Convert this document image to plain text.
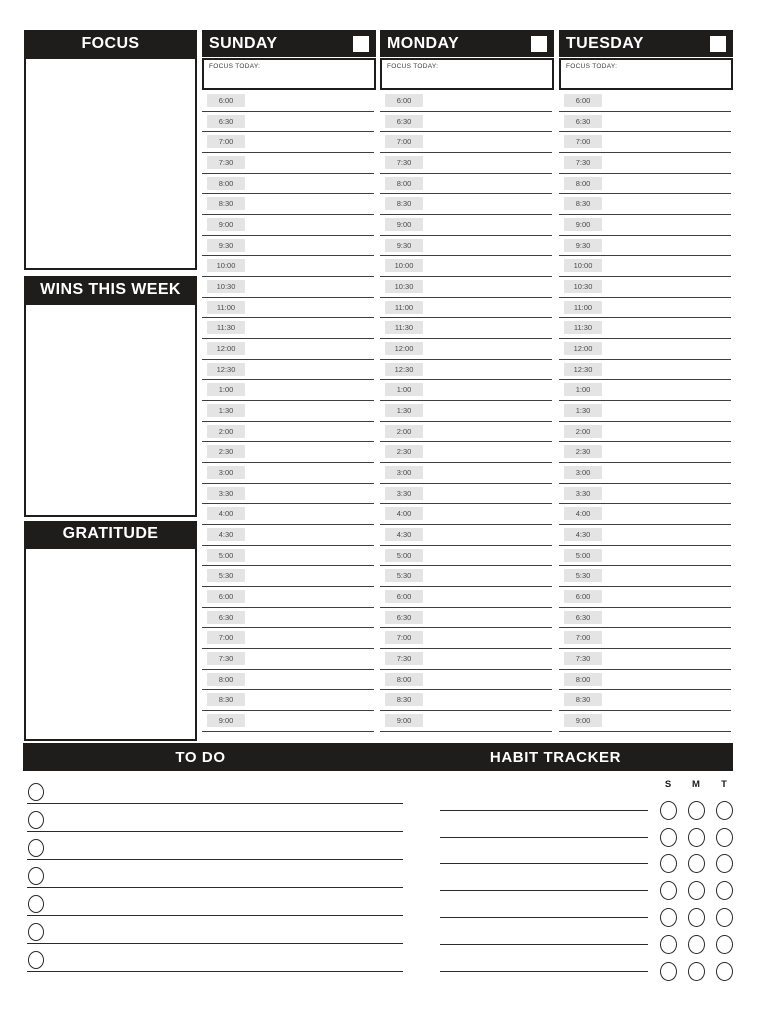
FOCUS
WINS THIS WEEK
GRATITUDE
SUNDAY
FOCUS TODAY:
6:00
6:30
7:00
7:30
8:00
8:30
9:00
9:30
10:00
10:30
11:00
11:30
12:00
12:30
1:00
1:30
2:00
2:30
3:00
3:30
4:00
4:30
5:00
5:30
6:00
6:30
7:00
7:30
8:00
8:30
9:00
MONDAY
FOCUS TODAY:
6:00
6:30
7:00
7:30
8:00
8:30
9:00
9:30
10:00
10:30
11:00
11:30
12:00
12:30
1:00
1:30
2:00
2:30
3:00
3:30
4:00
4:30
5:00
5:30
6:00
6:30
7:00
7:30
8:00
8:30
9:00
TUESDAY
FOCUS TODAY:
6:00
6:30
7:00
7:30
8:00
8:30
9:00
9:30
10:00
10:30
11:00
11:30
12:00
12:30
1:00
1:30
2:00
2:30
3:00
3:30
4:00
4:30
5:00
5:30
6:00
6:30
7:00
7:30
8:00
8:30
9:00
TO DO	HABIT TRACKER
S	M	T
